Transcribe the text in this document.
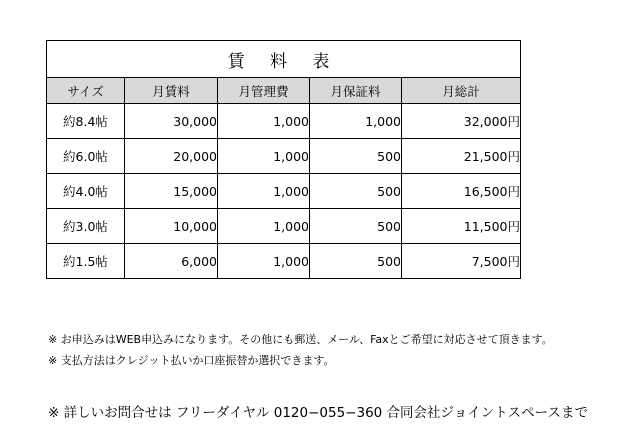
賃 料 表				
サイズ	月賃料	月管理費	月保証料	月総計
約8.4帖	30,000	1,000	1,000	32,000円
約6.0帖	20,000	1,000	500	21,500円
約4.0帖	15,000	1,000	500	16,500円
約3.0帖	10,000	1,000	500	11,500円
約1.5帖	6,000	1,000	500	7,500円
※ お申込みはWEB申込みになります。その他にも郵送、メール、Faxとご希望に対応させて頂きます。
※ 支払方法はクレジット払いか口座振替か選択できます。
※ 詳しいお問合せは フリーダイヤル 0120−055−360 合同会社ジョイントスペースまで
